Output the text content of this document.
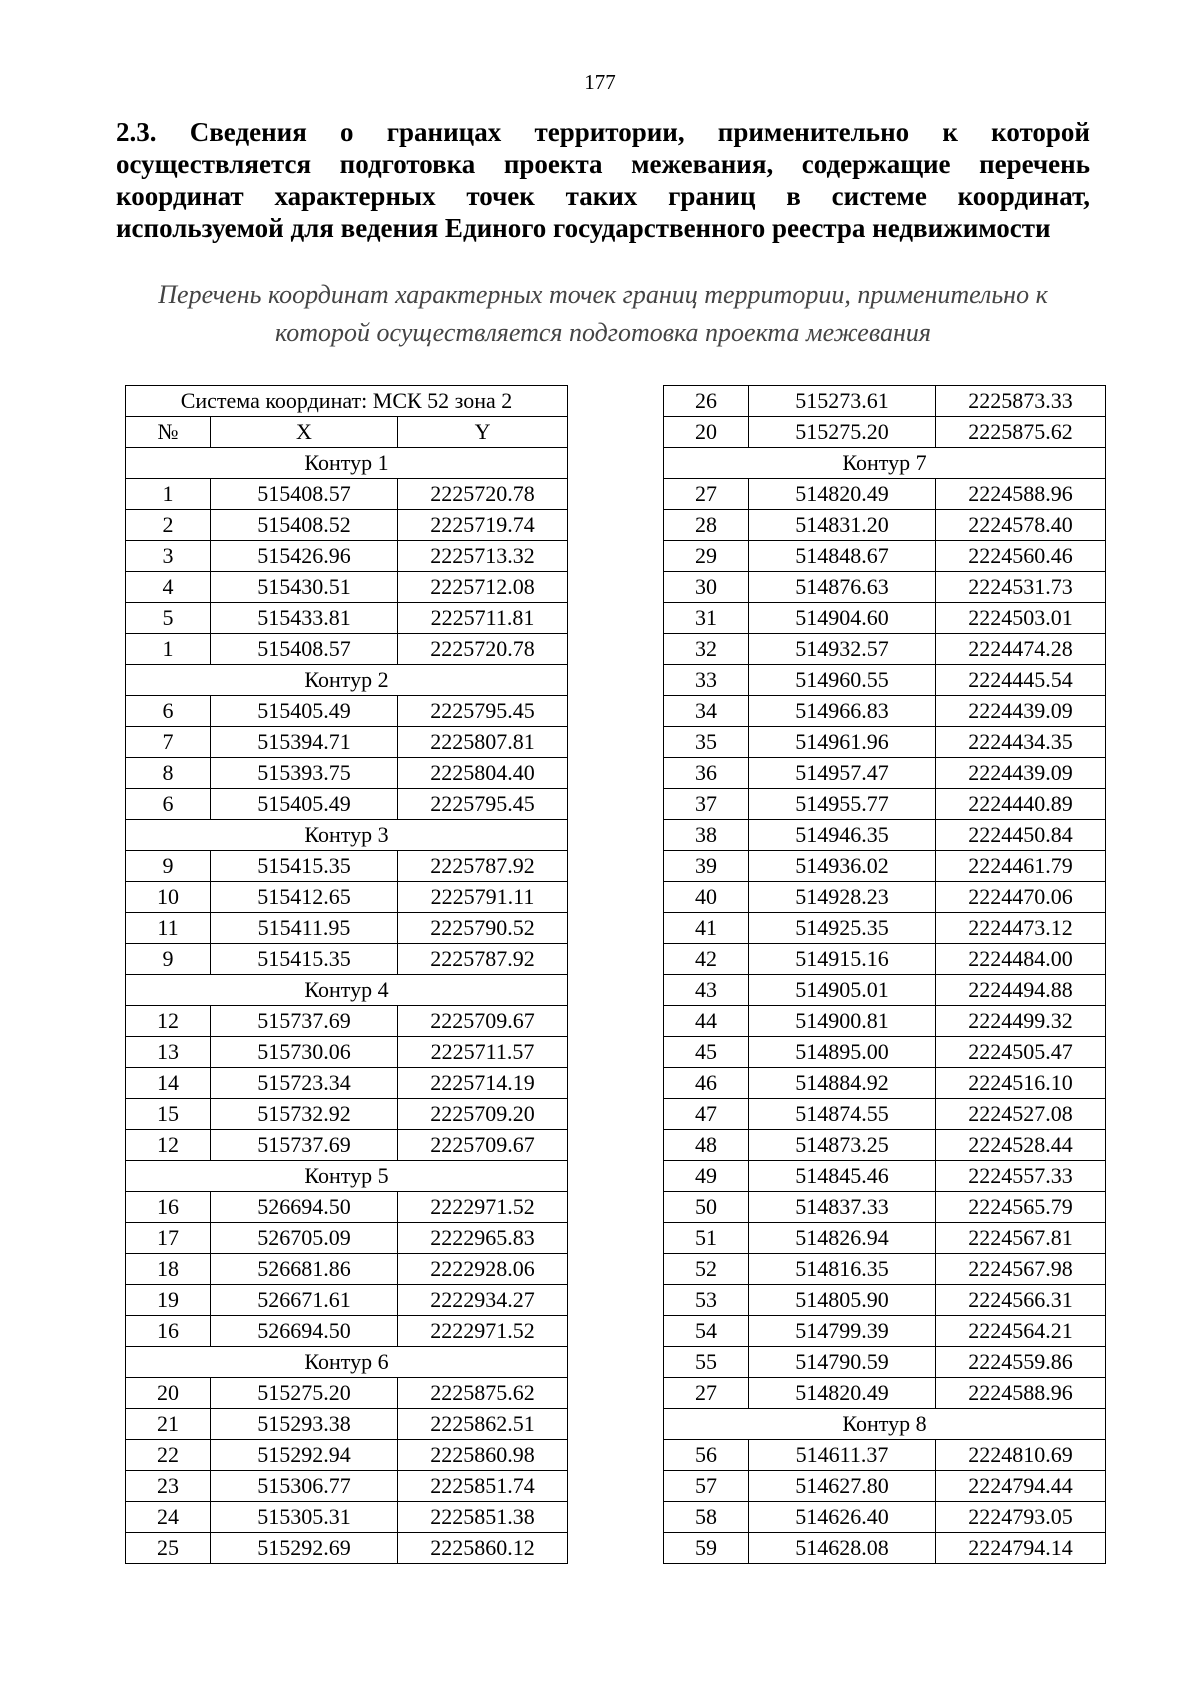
177
2.3. Сведения о границах территории, применительно к которой осуществляется подготовка проекта межевания, содержащие перечень координат характерных точек таких границ в системе координат, используемой для ведения Единого государственного реестра недвижимости
Перечень координат характерных точек границ территории, применительно к которой осуществляется подготовка проекта межевания
Система координат: МСК 52 зона 2		
№	X	Y
Контур 1		
1	515408.57	2225720.78
2	515408.52	2225719.74
3	515426.96	2225713.32
4	515430.51	2225712.08
5	515433.81	2225711.81
1	515408.57	2225720.78
Контур 2		
6	515405.49	2225795.45
7	515394.71	2225807.81
8	515393.75	2225804.40
6	515405.49	2225795.45
Контур 3		
9	515415.35	2225787.92
10	515412.65	2225791.11
11	515411.95	2225790.52
9	515415.35	2225787.92
Контур 4		
12	515737.69	2225709.67
13	515730.06	2225711.57
14	515723.34	2225714.19
15	515732.92	2225709.20
12	515737.69	2225709.67
Контур 5		
16	526694.50	2222971.52
17	526705.09	2222965.83
18	526681.86	2222928.06
19	526671.61	2222934.27
16	526694.50	2222971.52
Контур 6		
20	515275.20	2225875.62
21	515293.38	2225862.51
22	515292.94	2225860.98
23	515306.77	2225851.74
24	515305.31	2225851.38
25	515292.69	2225860.12
26	515273.61	2225873.33
20	515275.20	2225875.62
Контур 7		
27	514820.49	2224588.96
28	514831.20	2224578.40
29	514848.67	2224560.46
30	514876.63	2224531.73
31	514904.60	2224503.01
32	514932.57	2224474.28
33	514960.55	2224445.54
34	514966.83	2224439.09
35	514961.96	2224434.35
36	514957.47	2224439.09
37	514955.77	2224440.89
38	514946.35	2224450.84
39	514936.02	2224461.79
40	514928.23	2224470.06
41	514925.35	2224473.12
42	514915.16	2224484.00
43	514905.01	2224494.88
44	514900.81	2224499.32
45	514895.00	2224505.47
46	514884.92	2224516.10
47	514874.55	2224527.08
48	514873.25	2224528.44
49	514845.46	2224557.33
50	514837.33	2224565.79
51	514826.94	2224567.81
52	514816.35	2224567.98
53	514805.90	2224566.31
54	514799.39	2224564.21
55	514790.59	2224559.86
27	514820.49	2224588.96
Контур 8		
56	514611.37	2224810.69
57	514627.80	2224794.44
58	514626.40	2224793.05
59	514628.08	2224794.14
